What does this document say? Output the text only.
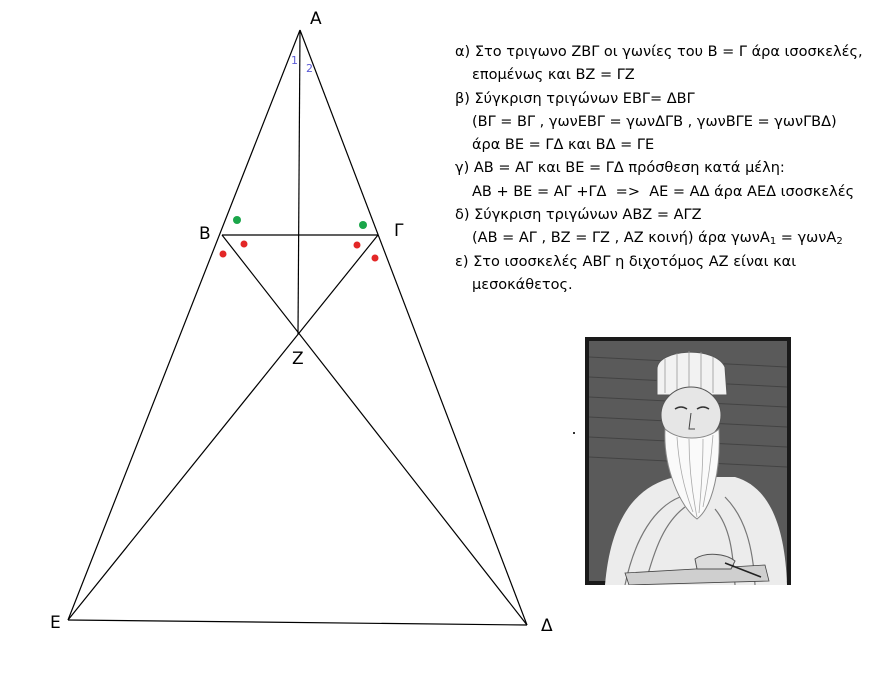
A
B	Γ
Z
E	Δ
1
2
α) Στο τριγωνο ΖΒΓ οι γωνίες του Β = Γ άρα ισοσκελές,
επομένως και ΒΖ = ΓΖ
β) Σύγκριση τριγώνων ΕΒΓ= ΔΒΓ
(ΒΓ = ΒΓ , γωνΕΒΓ = γωνΔΓΒ , γωνΒΓΕ = γωνΓΒΔ)
άρα ΒΕ = ΓΔ και ΒΔ = ΓΕ
γ) ΑΒ = ΑΓ και ΒΕ = ΓΔ πρόσθεση κατά μέλη:
ΑΒ + ΒΕ = ΑΓ +ΓΔ  =>  ΑΕ = ΑΔ άρα ΑΕΔ ισοσκελές
δ) Σύγκριση τριγώνων ΑΒΖ = ΑΓΖ
(ΑΒ = ΑΓ , ΒΖ = ΓΖ , ΑΖ κοινή) άρα γωνΑ$_1$ = γωνΑ$_2$
ε) Στο ισοσκελές ΑΒΓ η διχοτόμος ΑΖ είναι και
μεσοκάθετος.
